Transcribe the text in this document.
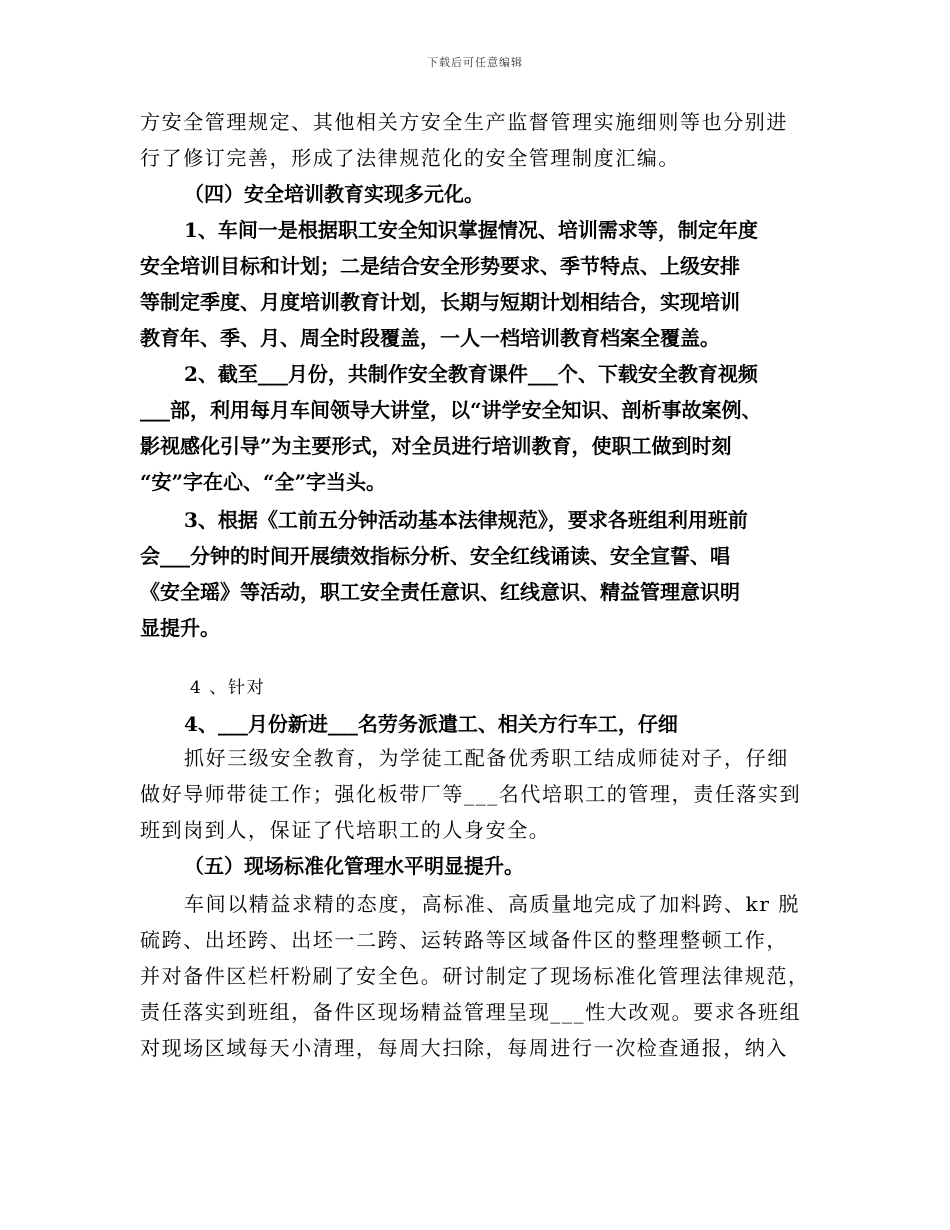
下载后可任意编辑
方安全管理规定、其他相关方安全生产监督管理实施细则等也分别进
行了修订完善，形成了法律规范化的安全管理制度汇编。
（四）安全培训教育实现多元化。
1、车间一是根据职工安全知识掌握情况、培训需求等，制定年度
安全培训目标和计划；二是结合安全形势要求、季节特点、上级安排
等制定季度、月度培训教育计划，长期与短期计划相结合，实现培训
教育年、季、月、周全时段覆盖，一人一档培训教育档案全覆盖。
2、截至___月份，共制作安全教育课件___个、下载安全教育视频
___部，利用每月车间领导大讲堂，以“讲学安全知识、剖析事故案例、
影视感化引导”为主要形式，对全员进行培训教育，使职工做到时刻
“安”字在心、“全”字当头。
3、根据《工前五分钟活动基本法律规范》，要求各班组利用班前
会___分钟的时间开展绩效指标分析、安全红线诵读、安全宣誓、唱
《安全瑶》等活动，职工安全责任意识、红线意识、精益管理意识明
显提升。
4 、针对
4、___月份新进___名劳务派遣工、相关方行车工，仔细
抓好三级安全教育，为学徒工配备优秀职工结成师徒对子，仔细
做好导师带徒工作；强化板带厂等___名代培职工的管理，责任落实到
班到岗到人，保证了代培职工的人身安全。
（五）现场标准化管理水平明显提升。
车间以精益求精的态度，高标准、高质量地完成了加料跨、kr 脱
硫跨、出坯跨、出坯一二跨、运转路等区域备件区的整理整顿工作，
并对备件区栏杆粉刷了安全色。研讨制定了现场标准化管理法律规范，
责任落实到班组，备件区现场精益管理呈现___性大改观。要求各班组
对现场区域每天小清理，每周大扫除，每周进行一次检查通报，纳入
